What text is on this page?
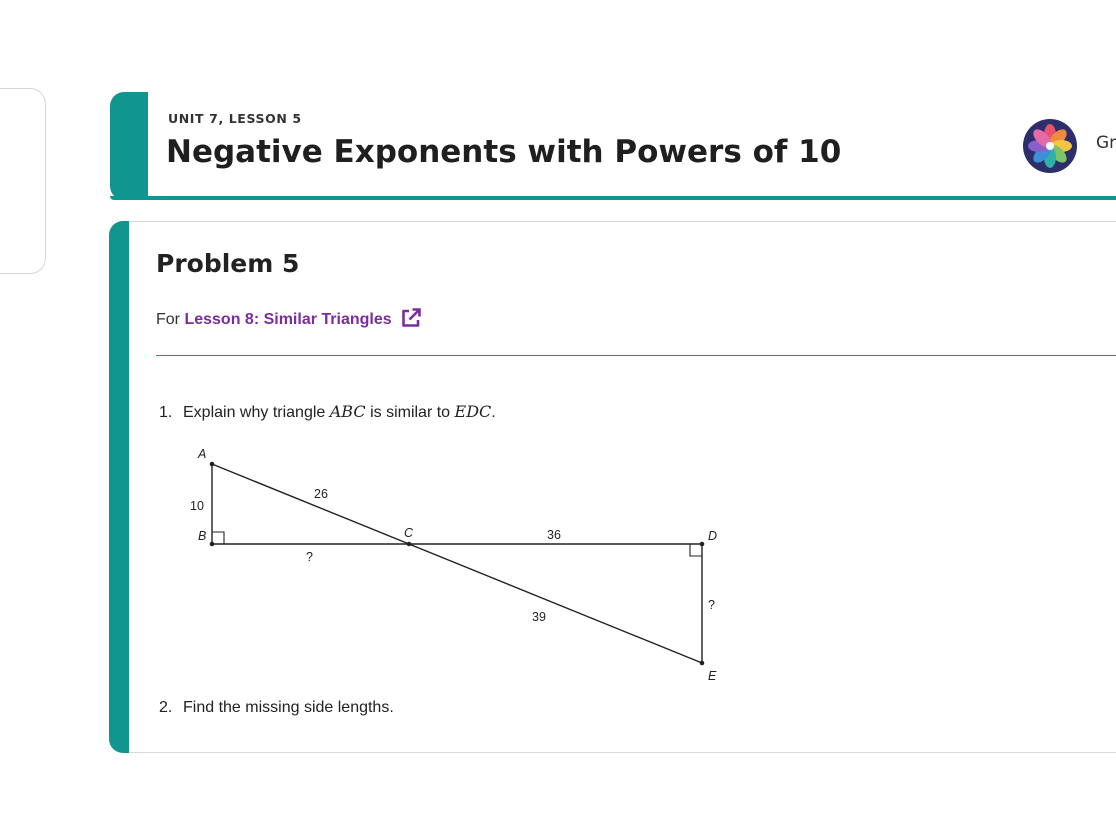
UNIT 7, LESSON 5
Negative Exponents with Powers of 10	Gr
Problem 5
For Lesson 8: Similar Triangles
1. Explain why triangle ABC is similar to EDC.
2. Find the missing side lengths.
A
B	C	D
E
10
26
?
36
39
?
